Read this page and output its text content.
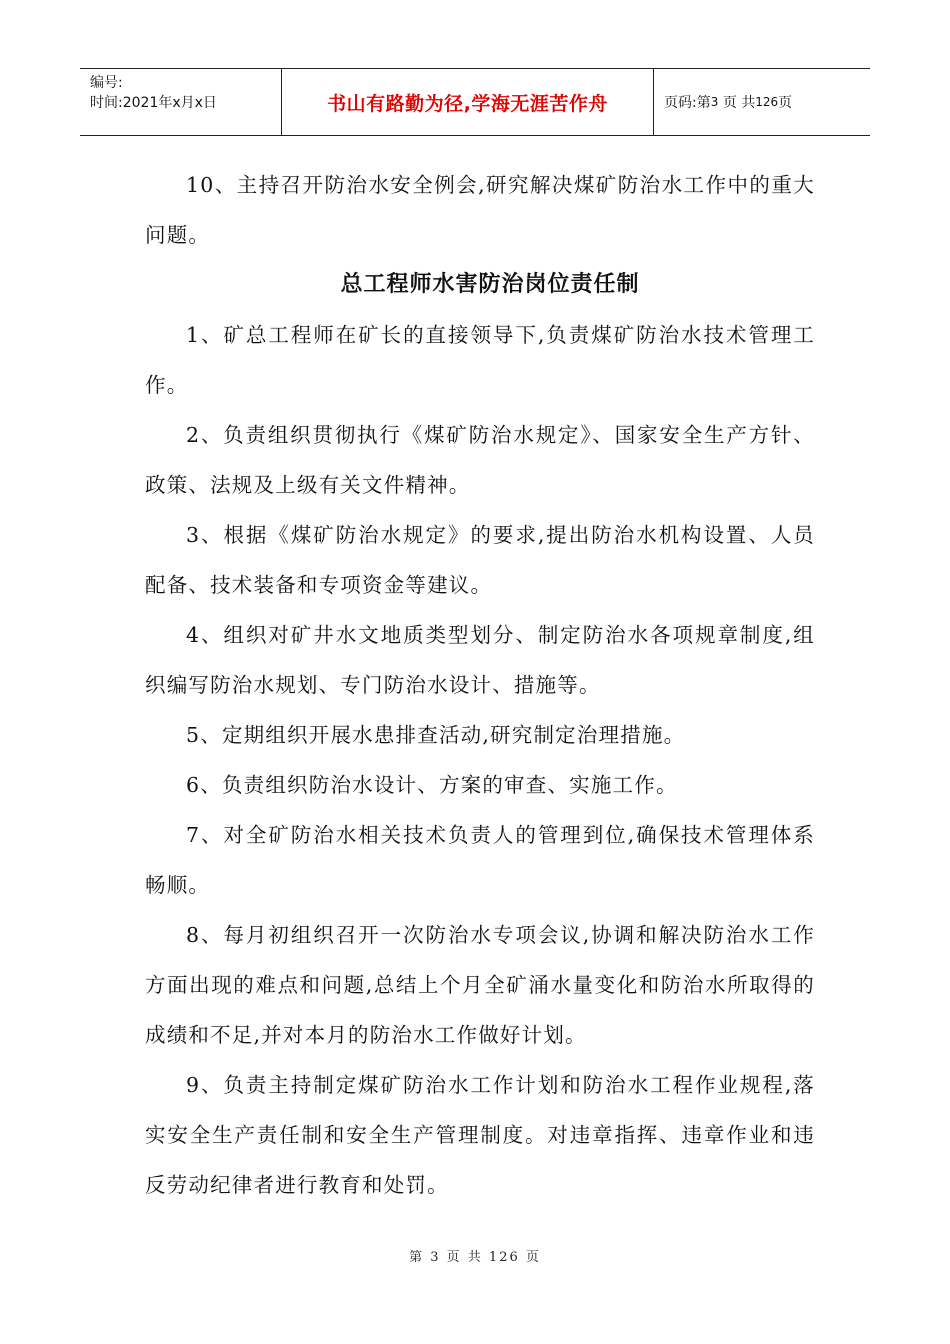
编号:
时间:2021年x月x日	书山有路勤为径,学海无涯苦作舟	页码:第 3
页 共 126 页

10、主持召开防治水安全例会,研究解决煤矿防治水工作中的重大问题。

总工程师水害防治岗位责任制

1、矿总工程师在矿长的直接领导下,负责煤矿防治水技术管理工作。

2、负责组织贯彻执行《煤矿防治水规定》、国家安全生产方针、政策、法规及上级有关文件精神。

3、根据《煤矿防治水规定》的要求,提出防治水机构设置、人员配备、技术装备和专项资金等建议。

4、组织对矿井水文地质类型划分、制定防治水各项规章制度,组织编写防治水规划、专门防治水设计、措施等。

5、定期组织开展水患排查活动,研究制定治理措施。

6、负责组织防治水设计、方案的审查、实施工作。

7、对全矿防治水相关技术负责人的管理到位,确保技术管理体系畅顺。

8、每月初组织召开一次防治水专项会议,协调和解决防治水工作方面出现的难点和问题,总结上个月全矿涌水量变化和防治水所取得的成绩和不足,并对本月的防治水工作做好计划。

9、负责主持制定煤矿防治水工作计划和防治水工程作业规程,落实安全生产责任制和安全生产管理制度。对违章指挥、违章作业和违反劳动纪律者进行教育和处罚。

第 3 页 共 126 页
